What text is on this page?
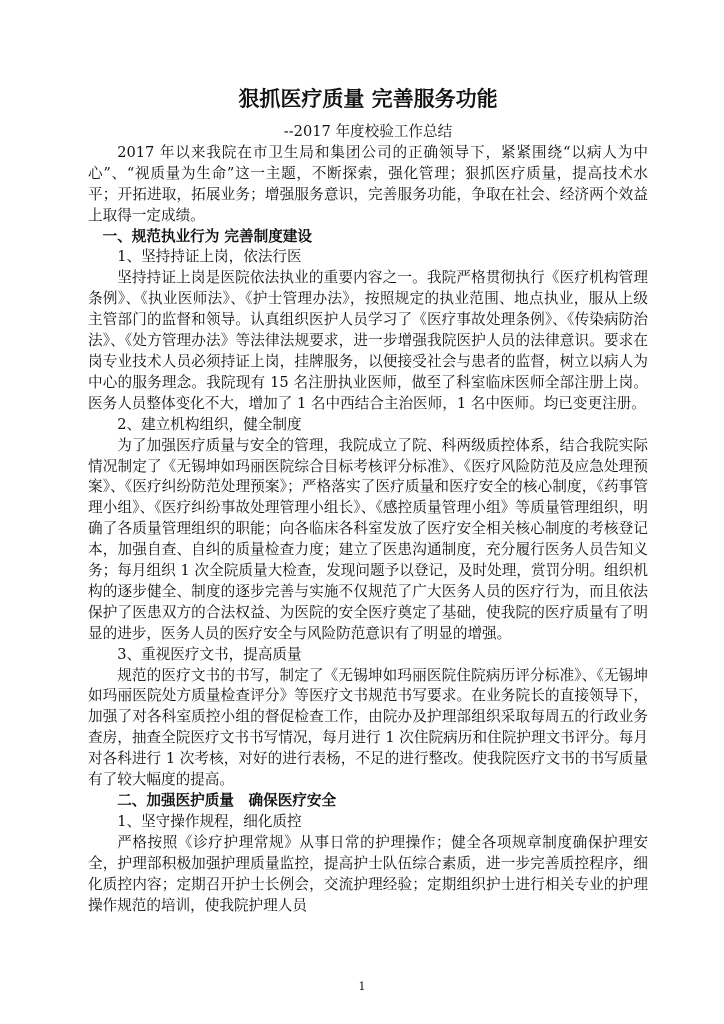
狠抓医疗质量 完善服务功能

--2017 年度校验工作总结

2017 年以来我院在市卫生局和集团公司的正确领导下，紧紧围绕“以病人为中心”、“视质量为生命”这一主题，不断探索，强化管理；狠抓医疗质量，提高技术水平；开拓进取，拓展业务；增强服务意识，完善服务功能，争取在社会、经济两个效益上取得一定成绩。

一、规范执业行为 完善制度建设

1、坚持持证上岗，依法行医

坚持持证上岗是医院依法执业的重要内容之一。我院严格贯彻执行《医疗机构管理条例》、《执业医师法》、《护士管理办法》，按照规定的执业范围、地点执业，服从上级主管部门的监督和领导。认真组织医护人员学习了《医疗事故处理条例》、《传染病防治法》、《处方管理办法》等法律法规要求，进一步增强我院医护人员的法律意识。要求在岗专业技术人员必须持证上岗，挂牌服务，以便接受社会与患者的监督，树立以病人为中心的服务理念。我院现有 15 名注册执业医师，做至了科室临床医师全部注册上岗。医务人员整体变化不大，增加了 1 名中西结合主治医师，1 名中医师。均已变更注册。

2、建立机构组织，健全制度

为了加强医疗质量与安全的管理，我院成立了院、科两级质控体系，结合我院实际情况制定了《无锡坤如玛丽医院综合目标考核评分标准》、《医疗风险防范及应急处理预案》、《医疗纠纷防范处理预案》；严格落实了医疗质量和医疗安全的核心制度，《药事管理小组》、《医疗纠纷事故处理管理小组长》、《感控质量管理小组》等质量管理组织，明确了各质量管理组织的职能；向各临床各科室发放了医疗安全相关核心制度的考核登记本，加强自查、自纠的质量检查力度；建立了医患沟通制度，充分履行医务人员告知义务；每月组织 1 次全院质量大检查，发现问题予以登记，及时处理，赏罚分明。组织机构的逐步健全、制度的逐步完善与实施不仅规范了广大医务人员的医疗行为，而且依法保护了医患双方的合法权益、为医院的安全医疗奠定了基础，使我院的医疗质量有了明显的进步，医务人员的医疗安全与风险防范意识有了明显的增强。

3、重视医疗文书，提高质量

规范的医疗文书的书写，制定了《无锡坤如玛丽医院住院病历评分标准》、《无锡坤如玛丽医院处方质量检查评分》等医疗文书规范书写要求。在业务院长的直接领导下，加强了对各科室质控小组的督促检查工作，由院办及护理部组织采取每周五的行政业务查房，抽查全院医疗文书书写情况，每月进行 1 次住院病历和住院护理文书评分。每月对各科进行 1 次考核，对好的进行表杨，不足的进行整改。使我院医疗文书的书写质量有了较大幅度的提高。

二、加强医护质量　确保医疗安全

1、坚守操作规程，细化质控

严格按照《诊疗护理常规》从事日常的护理操作；健全各项规章制度确保护理安全，护理部积极加强护理质量监控，提高护士队伍综合素质，进一步完善质控程序，细化质控内容；定期召开护士长例会，交流护理经验；定期组织护士进行相关专业的护理操作规范的培训，使我院护理人员

1
